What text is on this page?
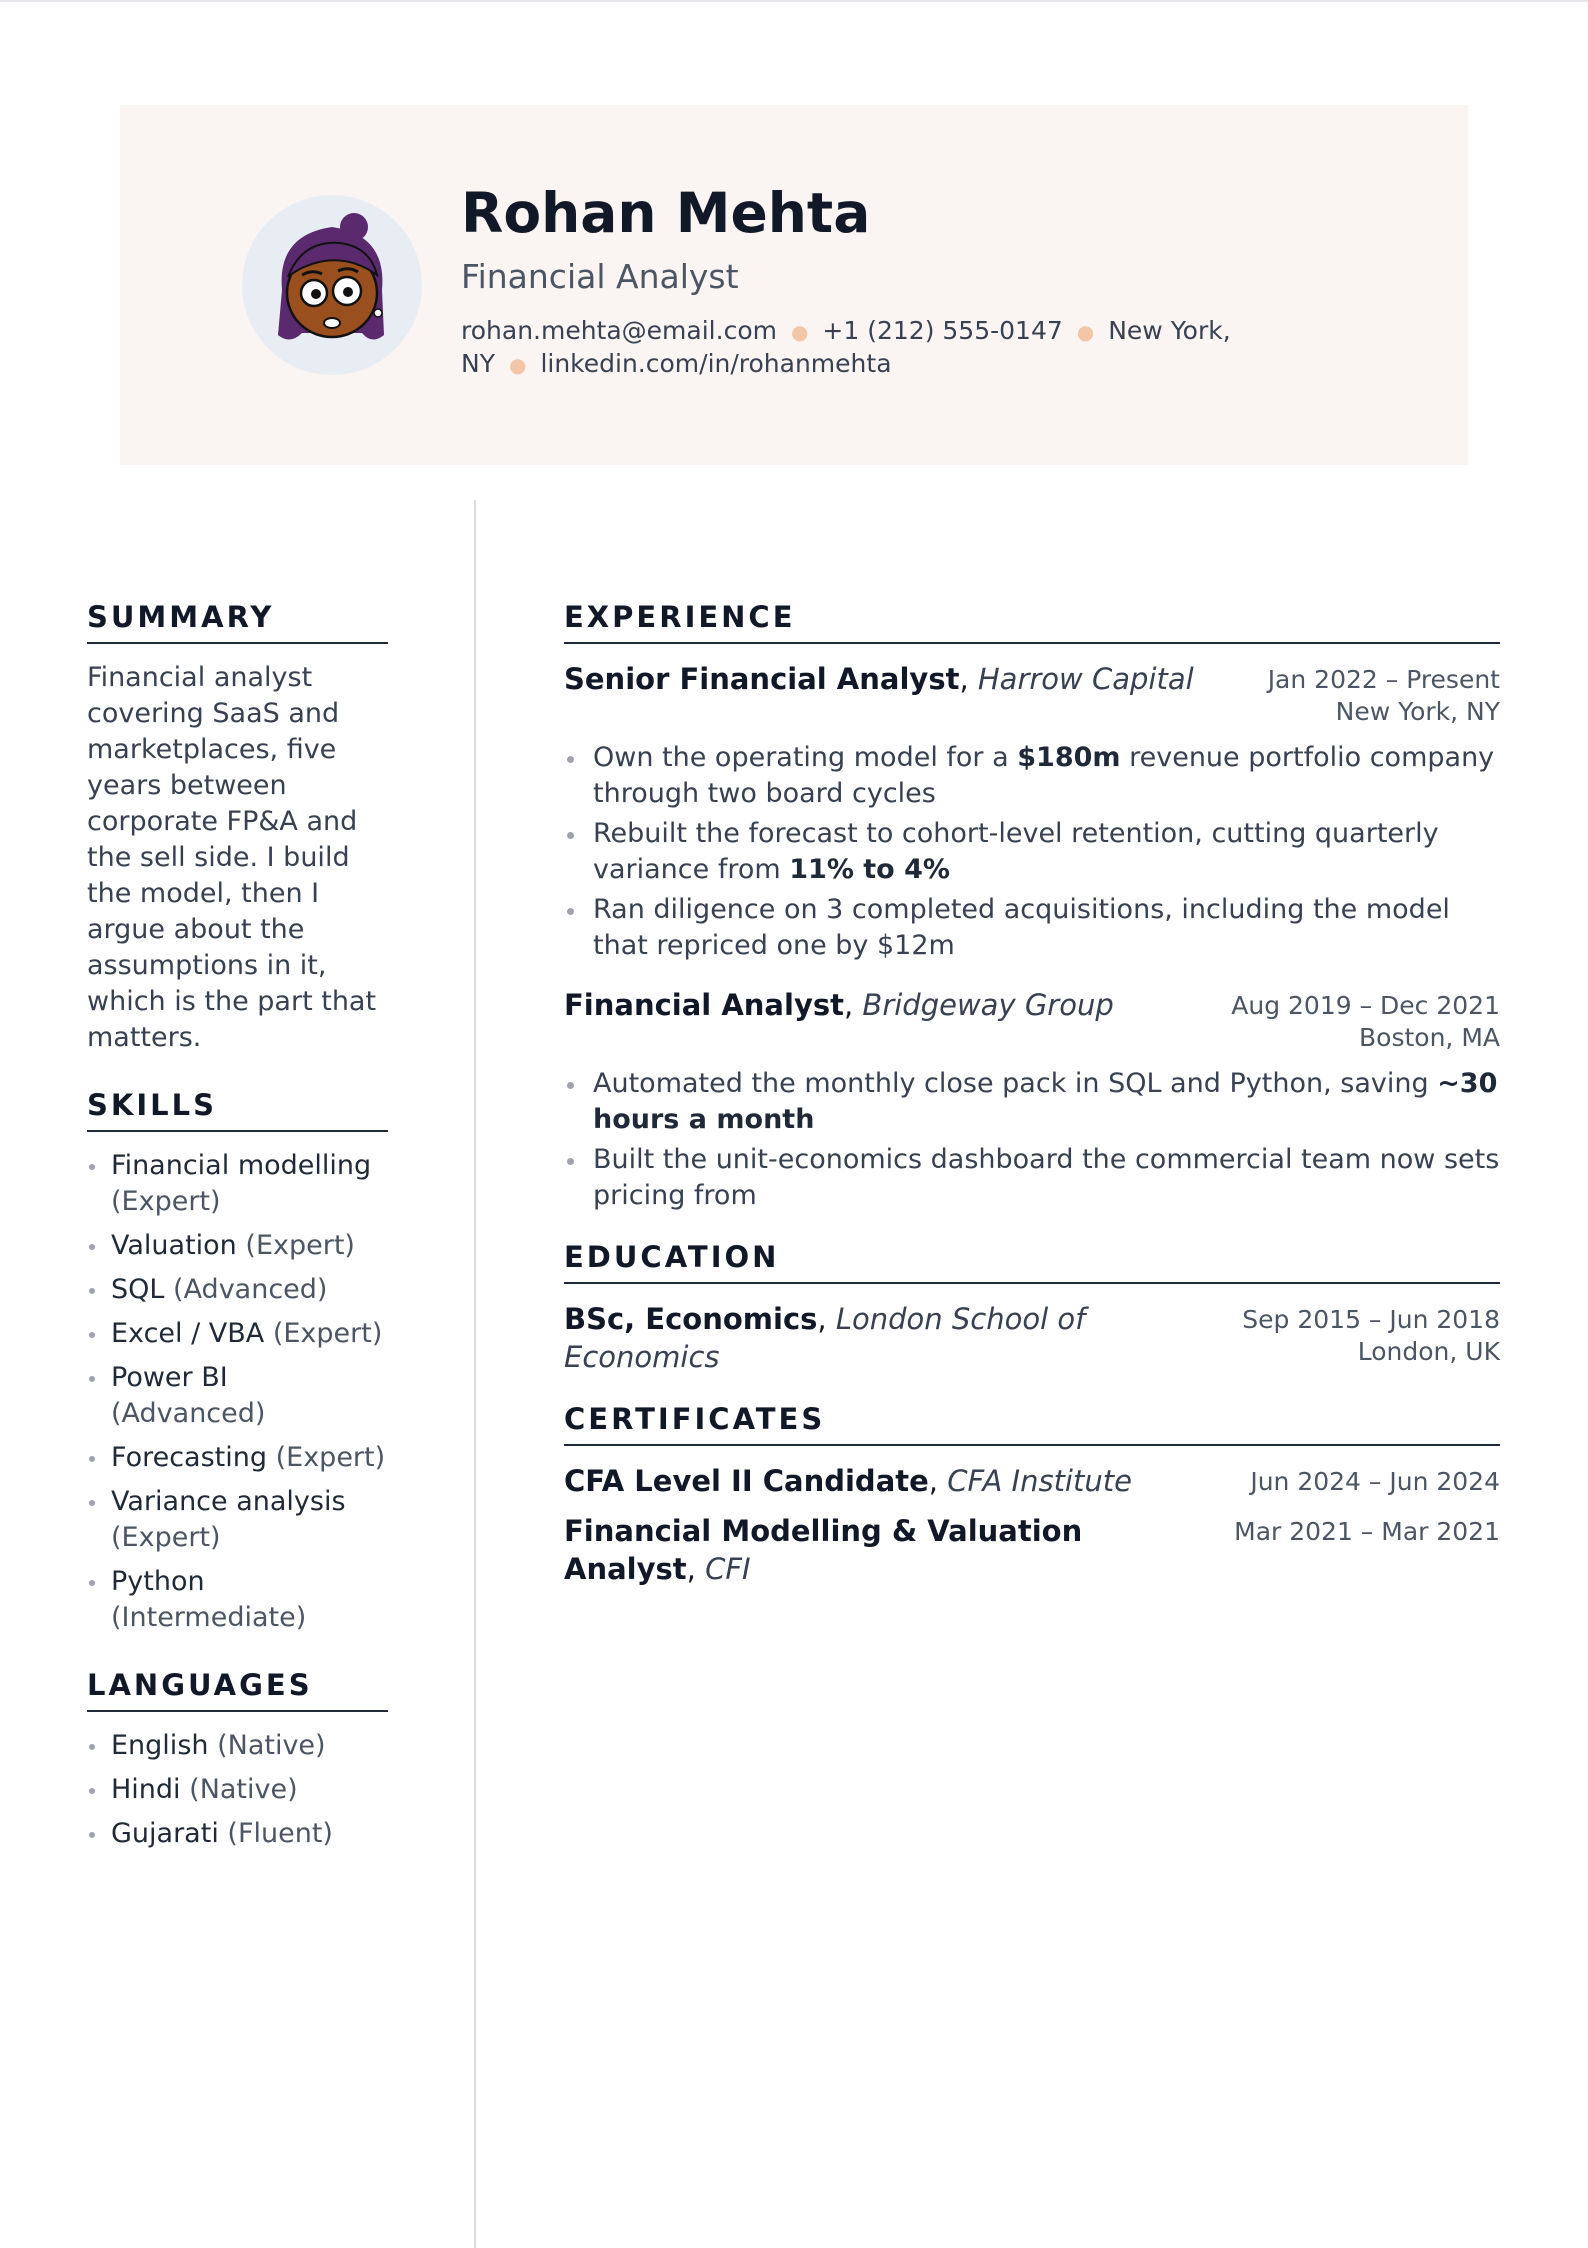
Rohan Mehta
Financial Analyst
rohan.mehta@email.com ● +1 (212) 555-0147 ● New York, NY ● linkedin.com/in/rohanmehta
SUMMARY
Financial analyst covering SaaS and marketplaces, five years between corporate FP&A and the sell side. I build the model, then I argue about the assumptions in it, which is the part that matters.
SKILLS
Financial modelling (Expert)
Valuation (Expert)
SQL (Advanced)
Excel / VBA (Expert)
Power BI (Advanced)
Forecasting (Expert)
Variance analysis (Expert)
Python (Intermediate)
LANGUAGES
English (Native)
Hindi (Native)
Gujarati (Fluent)
EXPERIENCE
Senior Financial Analyst, Harrow Capital	Jan 2022 – Present
New York, NY
Own the operating model for a $180m revenue portfolio company through two board cycles
Rebuilt the forecast to cohort-level retention, cutting quarterly variance from 11% to 4%
Ran diligence on 3 completed acquisitions, including the model that repriced one by $12m
Financial Analyst, Bridgeway Group	Aug 2019 – Dec 2021
Boston, MA
Automated the monthly close pack in SQL and Python, saving ~30 hours a month
Built the unit-economics dashboard the commercial team now sets pricing from
EDUCATION
BSc, Economics, London School of Economics
Sep 2015 – Jun 2018
London, UK
CERTIFICATES
CFA Level II Candidate, CFA Institute	Jun 2024 – Jun 2024
Financial Modelling & Valuation Analyst, CFI
Mar 2021 – Mar 2021
